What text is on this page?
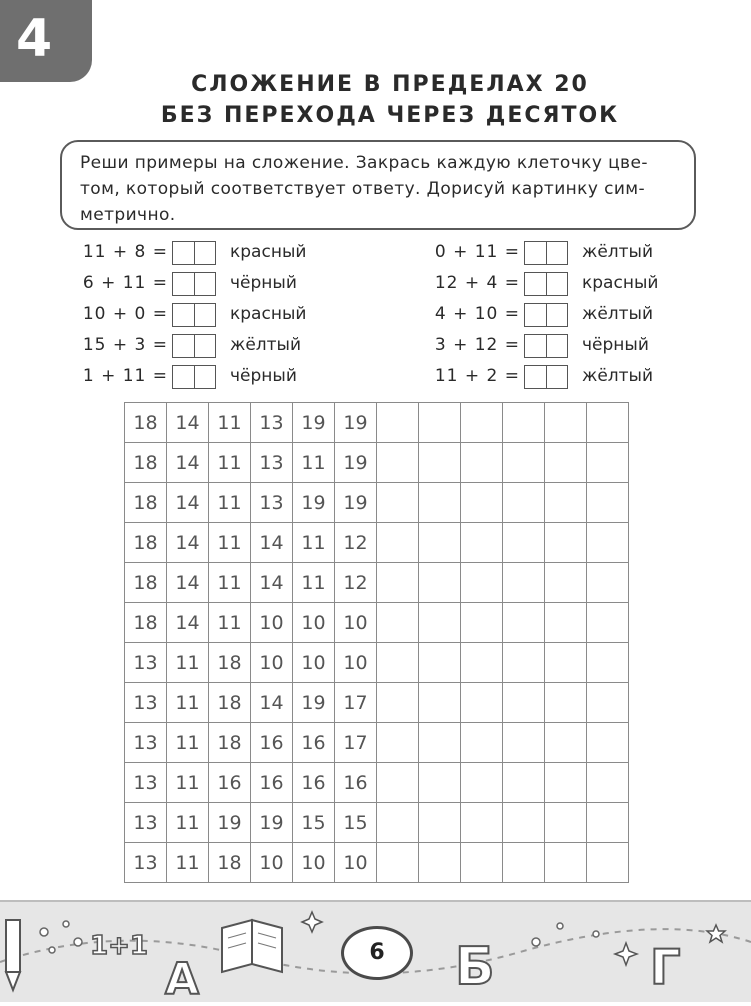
4
СЛОЖЕНИЕ В ПРЕДЕЛАХ 20
БЕЗ ПЕРЕХОДА ЧЕРЕЗ ДЕСЯТОК
Реши примеры на сложение. Закрась каждую клеточку цве-
том, который соответствует ответу. Дорисуй картинку сим-
метрично.
11 + 8 =	красный
6 + 11 =	чёрный
10 + 0 =	красный
15 + 3 =	жёлтый
1 + 11 =	чёрный
0 + 11 =	жёлтый
12 + 4 =	красный
4 + 10 =	жёлтый
3 + 12 =	чёрный
11 + 2 =	жёлтый
18	14	11	13	19	19						
18	14	11	13	11	19						
18	14	11	13	19	19						
18	14	11	14	11	12						
18	14	11	14	11	12						
18	14	11	10	10	10						
13	11	18	10	10	10						
13	11	18	14	19	17						
13	11	18	16	16	17						
13	11	16	16	16	16						
13	11	19	19	15	15						
13	11	18	10	10	10						
1+1
А	Б	Г
6
